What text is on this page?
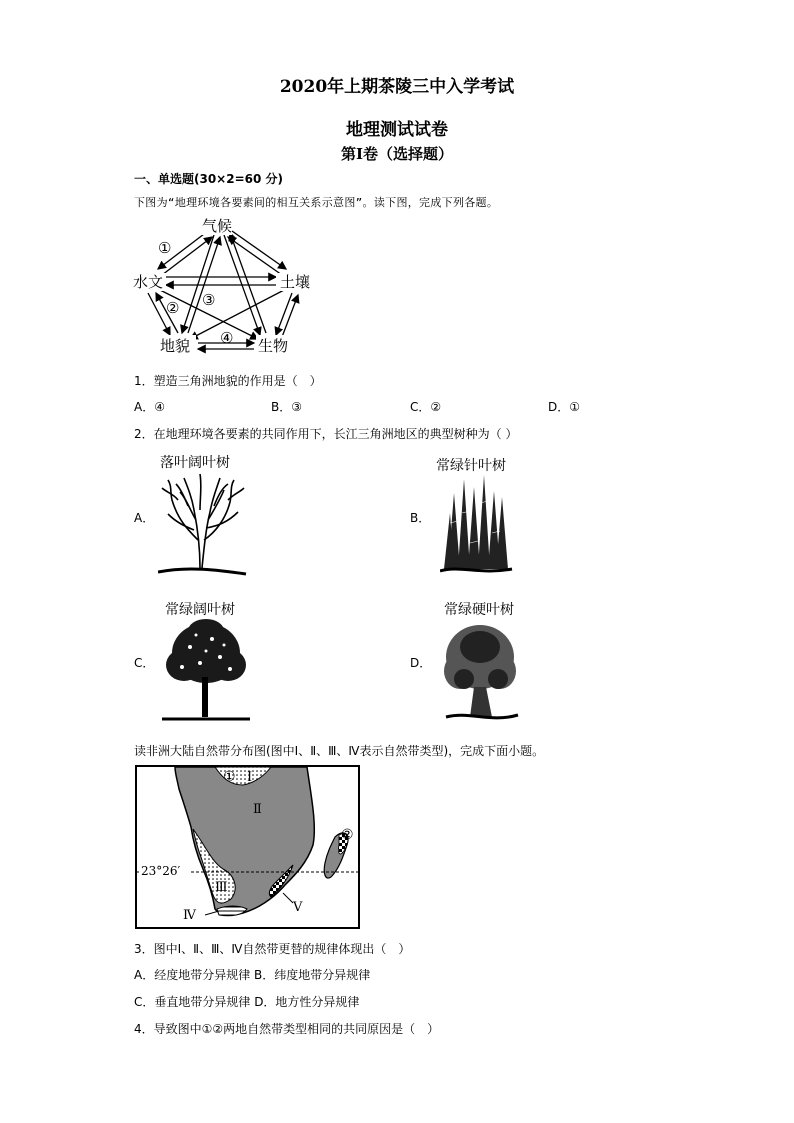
2020年上期茶陵三中入学考试
地理测试试卷
第Ⅰ卷（选择题）
一、单选题(30×2=60 分)
下图为“地理环境各要素间的相互关系示意图”。读下图，完成下列各题。
气候
水文	土壤
地貌	生物
①
② ③
④
1．塑造三角洲地貌的作用是（　）
A．④	B．③	C．②	D．①
2．在地理环境各要素的共同作用下，长江三角洲地区的典型树种为（ ）
落叶阔叶树
A．
常绿针叶树
B．
常绿阔叶树
C．
常绿硬叶树
D．
读非洲大陆自然带分布图(图中Ⅰ、Ⅱ、Ⅲ、Ⅳ表示自然带类型)，完成下面小题。
23°26′
① Ⅰ
Ⅱ
Ⅲ
Ⅳ
Ⅴ
②
3．图中Ⅰ、Ⅱ、Ⅲ、Ⅳ自然带更替的规律体现出（　）
A．经度地带分异规律 B．纬度地带分异规律
C．垂直地带分异规律 D．地方性分异规律
4．导致图中①②两地自然带类型相同的共同原因是（　）
